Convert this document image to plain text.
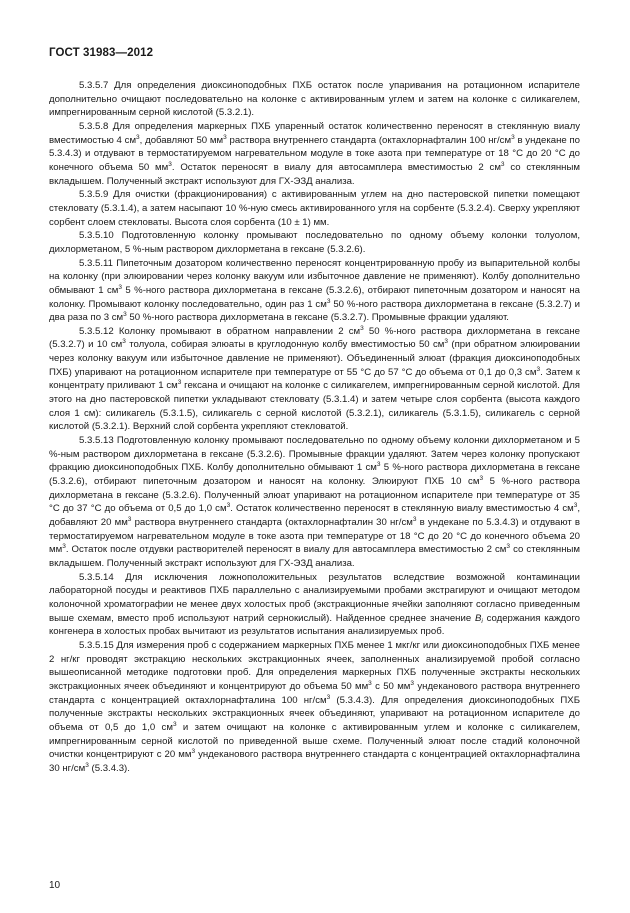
ГОСТ 31983—2012

5.3.5.7 Для определения диоксиноподобных ПХБ остаток после упаривания на ротационном испарителе дополнительно очищают последовательно на колонке с активированным углем и затем на колонке с силикагелем, импрегнированным серной кислотой (5.3.2.1).

5.3.5.8 Для определения маркерных ПХБ упаренный остаток количественно переносят в стеклянную виалу вместимостью 4 $см^3$, добавляют 50 $мм^3$ раствора внутреннего стандарта (октахлорнафталин 100 $нг/см^3$ в ундекане по 5.3.4.3) и отдувают в термостатируемом нагревательном модуле в токе азота при температуре от 18 °С до 20 °С до конечного объема 50 $мм^3$. Остаток переносят в виалу для автосамплера вместимостью 2 $см^3$ со стеклянным вкладышем. Полученный экстракт используют для ГХ-ЭЗД анализа.

5.3.5.9 Для очистки (фракционирования) с активированным углем на дно пастеровской пипетки помещают стекловату (5.3.1.4), а затем насыпают 10 %-ную смесь активированного угля на сорбенте (5.3.2.4). Сверху укрепляют сорбент слоем стекловаты. Высота слоя сорбента (10 ± 1) мм.

5.3.5.10 Подготовленную колонку промывают последовательно по одному объему колонки толуолом, дихлорметаном, 5 %-ным раствором дихлорметана в гексане (5.3.2.6).

5.3.5.11 Пипеточным дозатором количественно переносят концентрированную пробу из выпарительной колбы на колонку (при элюировании через колонку вакуум или избыточное давление не применяют). Колбу дополнительно обмывают 1 $см^3$ 5 %-ного раствора дихлорметана в гексане (5.3.2.6), отбирают пипеточным дозатором и наносят на колонку. Промывают колонку последовательно, один раз 1 $см^3$ 50 %-ного раствора дихлорметана в гексане (5.3.2.7) и два раза по 3 $см^3$ 50 %-ного раствора дихлорметана в гексане (5.3.2.7). Промывные фракции удаляют.

5.3.5.12 Колонку промывают в обратном направлении 2 $см^3$ 50 %-ного раствора дихлорметана в гексане (5.3.2.7) и 10 $см^3$ толуола, собирая элюаты в круглодонную колбу вместимостью 50 $см^3$ (при обратном элюировании через колонку вакуум или избыточное давление не применяют). Объединенный элюат (фракция диоксиноподобных ПХБ) упаривают на ротационном испарителе при температуре от 55 °С до 57 °С до объема от 0,1 до 0,3 $см^3$. Затем к концентрату приливают 1 $см^3$ гексана и очищают на колонке с силикагелем, импрегнированным серной кислотой. Для этого на дно пастеровской пипетки укладывают стекловату (5.3.1.4) и затем четыре слоя сорбента (высота каждого слоя 1 см): силикагель (5.3.1.5), силикагель с серной кислотой (5.3.2.1), силикагель (5.3.1.5), силикагель с серной кислотой (5.3.2.1). Верхний слой сорбента укрепляют стекловатой.

5.3.5.13 Подготовленную колонку промывают последовательно по одному объему колонки дихлорметаном и 5 %-ным раствором дихлорметана в гексане (5.3.2.6). Промывные фракции удаляют. Затем через колонку пропускают фракцию диоксиноподобных ПХБ. Колбу дополнительно обмывают 1 $см^3$ 5 %-ного раствора дихлорметана в гексане (5.3.2.6), отбирают пипеточным дозатором и наносят на колонку. Элюируют ПХБ 10 $см^3$ 5 %-ного раствора дихлорметана в гексане (5.3.2.6). Полученный элюат упаривают на ротационном испарителе при температуре от 35 °С до 37 °С до объема от 0,5 до 1,0 $см^3$. Остаток количественно переносят в стеклянную виалу вместимостью 4 $см^3$, добавляют 20 $мм^3$ раствора внутреннего стандарта (октахлорнафталин 30 $нг/см^3$ в ундекане по 5.3.4.3) и отдувают в термостатируемом нагревательном модуле в токе азота при температуре от 18 °С до 20 °С до конечного объема 20 $мм^3$. Остаток после отдувки растворителей переносят в виалу для автосамплера вместимостью 2 $см^3$ со стеклянным вкладышем. Полученный экстракт используют для ГХ-ЭЗД анализа.

5.3.5.14 Для исключения ложноположительных результатов вследствие возможной контаминации лабораторной посуды и реактивов ПХБ параллельно с анализируемыми пробами экстрагируют и очищают методом колоночной хроматографии не менее двух холостых проб (экстракционные ячейки заполняют согласно приведенным выше схемам, вместо проб используют натрий сернокислый). Найденное среднее значение $B_i$ содержания каждого конгенера в холостых пробах вычитают из результатов испытания анализируемых проб.

5.3.5.15 Для измерения проб с содержанием маркерных ПХБ менее 1 мкг/кг или диоксиноподобных ПХБ менее 2 нг/кг проводят экстракцию нескольких экстракционных ячеек, заполненных анализируемой пробой согласно вышеописанной методике подготовки проб. Для определения маркерных ПХБ полученные экстракты нескольких экстракционных ячеек объединяют и концентрируют до объема 50 $мм^3$ с 50 $мм^3$ ундеканового раствора внутреннего стандарта с концентрацией октахлорнафталина 100 $нг/см^3$ (5.3.4.3). Для определения диоксиноподобных ПХБ полученные экстракты нескольких экстракционных ячеек объединяют, упаривают на ротационном испарителе до объема от 0,5 до 1,0 $см^3$ и затем очищают на колонке с активированным углем и колонке с силикагелем, импрегнированным серной кислотой по приведенной выше схеме. Полученный элюат после стадий колоночной очистки концентрируют с 20 $мм^3$ ундеканового раствора внутреннего стандарта с концентрацией октахлорнафталина 30 $нг/см^3$ (5.3.4.3).

10
